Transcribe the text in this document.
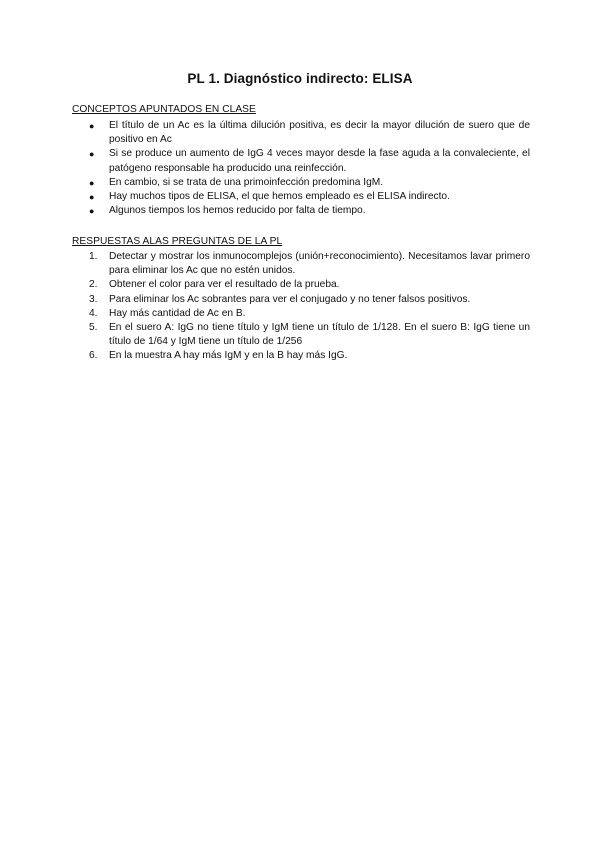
PL 1. Diagnóstico indirecto: ELISA
CONCEPTOS APUNTADOS EN CLASE
● El título de un Ac es la última dilución positiva, es decir la mayor dilución de suero que de positivo en Ac
● Si se produce un aumento de IgG 4 veces mayor desde la fase aguda a la convaleciente, el patógeno responsable ha producido una reinfección.
● En cambio, si se trata de una primoinfección predomina IgM.
● Hay muchos tipos de ELISA, el que hemos empleado es el ELISA indirecto.
● Algunos tiempos los hemos reducido por falta de tiempo.
RESPUESTAS ALAS PREGUNTAS DE LA PL
1. Detectar y mostrar los inmunocomplejos (unión+reconocimiento). Necesitamos lavar primero para eliminar los Ac que no estén unidos.
2. Obtener el color para ver el resultado de la prueba.
3. Para eliminar los Ac sobrantes para ver el conjugado y no tener falsos positivos.
4. Hay más cantidad de Ac en B.
5. En el suero A: IgG no tiene título y IgM tiene un título de 1/128. En el suero B: IgG tiene un título de 1/64 y IgM tiene un título de 1/256
6. En la muestra A hay más IgM y en la B hay más IgG.
